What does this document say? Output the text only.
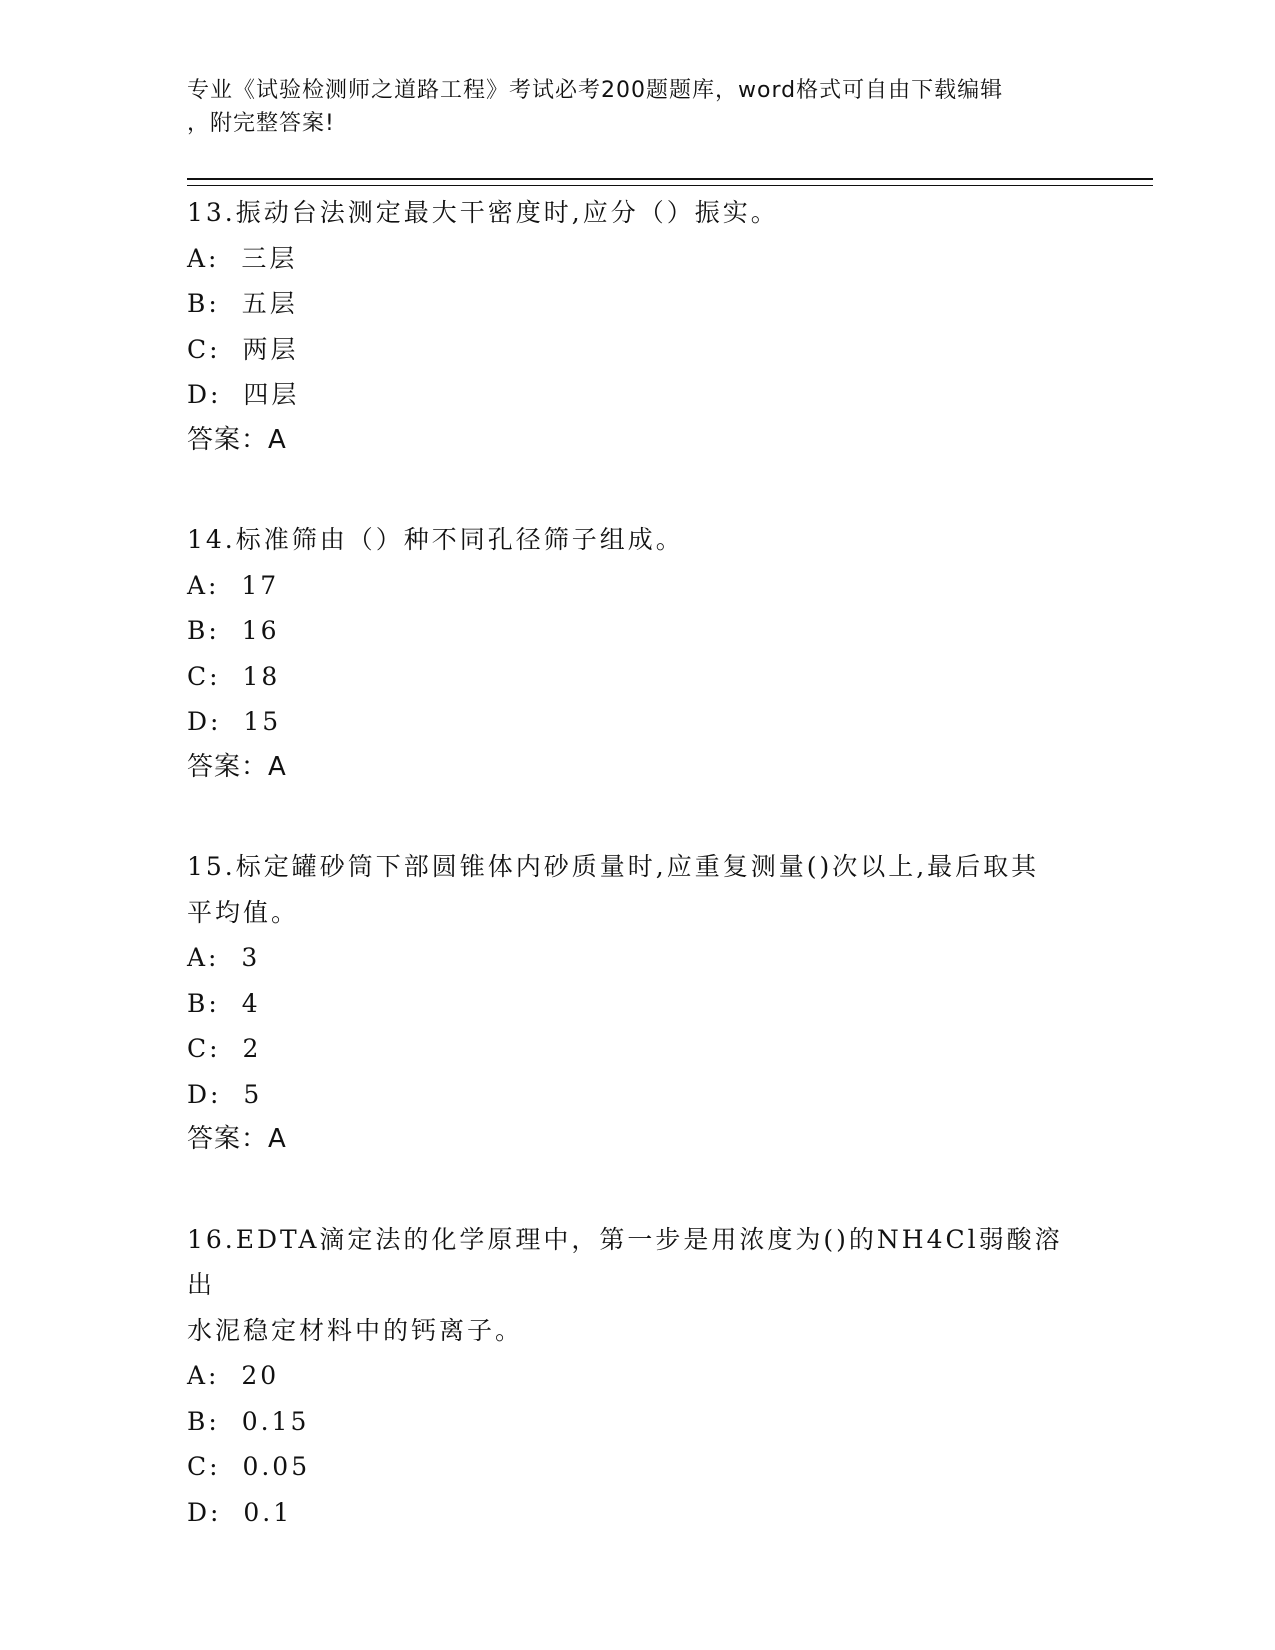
专业《试验检测师之道路工程》考试必考200题题库，word格式可自由下载编辑
，附完整答案!
13.振动台法测定最大干密度时,应分（）振实。
A:  三层
B:  五层
C:  两层
D:  四层
答案：A
14.标准筛由（）种不同孔径筛子组成。
A:  17
B:  16
C:  18
D:  15
答案：A
15.标定罐砂筒下部圆锥体内砂质量时,应重复测量()次以上,最后取其
平均值。
A:  3
B:  4
C:  2
D:  5
答案：A
16.EDTA滴定法的化学原理中，第一步是用浓度为()的NH4Cl弱酸溶出
水泥稳定材料中的钙离子。
A:  20
B:  0.15
C:  0.05
D:  0.1
